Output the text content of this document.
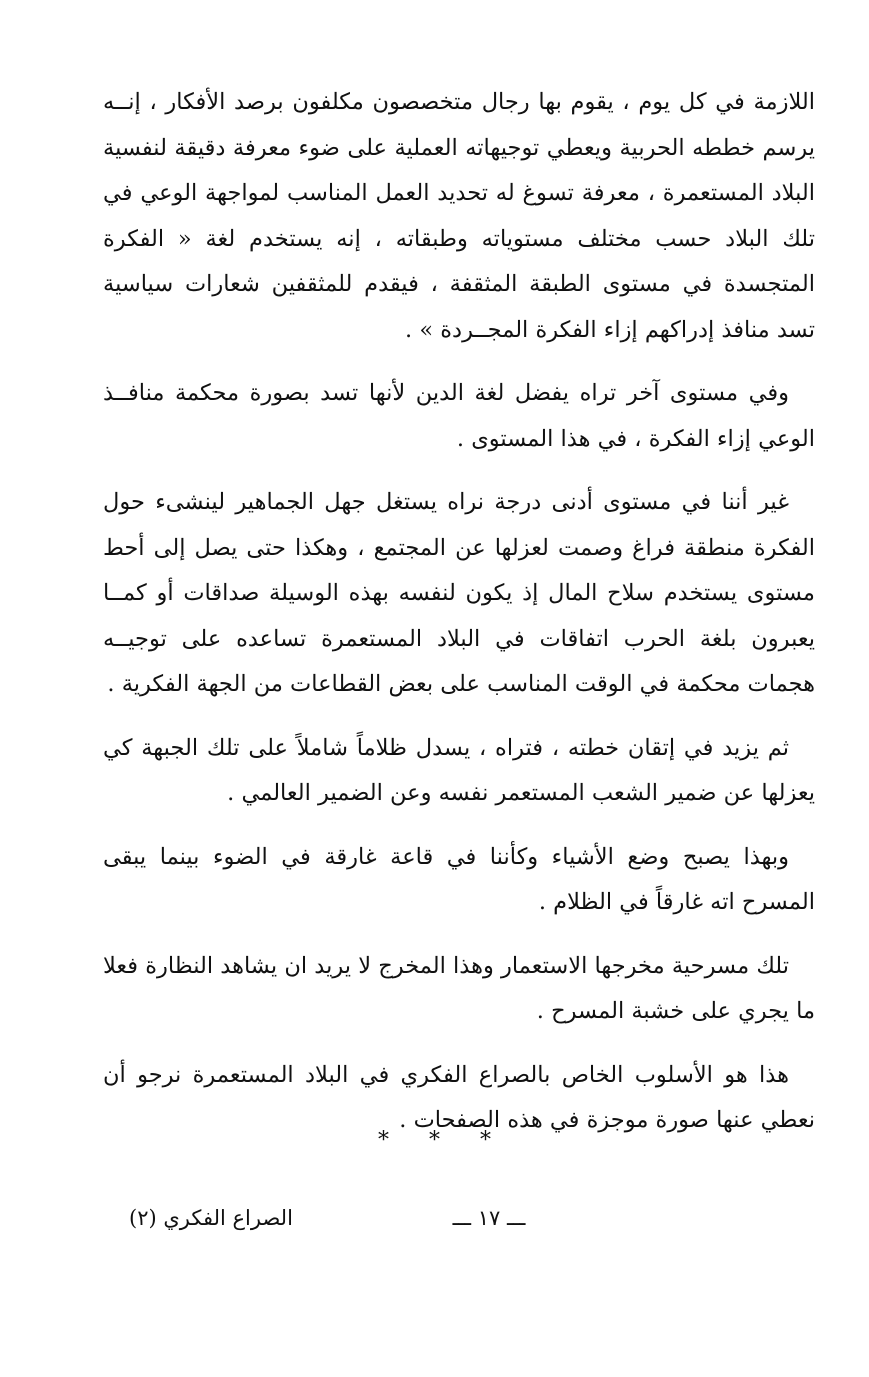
اللازمة في كل يوم ، يقوم بها رجال متخصصون مكلفون برصد الأفكار ، إنــه يرسم خططه الحربية ويعطي توجيهاته العملية على ضوء معرفة دقيقة لنفسية البلاد المستعمرة ، معرفة تسوغ له تحديد العمل المناسب لمواجهة الوعي في تلك البلاد حسب مختلف مستوياته وطبقاته ، إنه يستخدم لغة « الفكرة المتجسدة في مستوى الطبقة المثقفة ، فيقدم للمثقفين شعارات سياسية تسد منافذ إدراكهم إزاء الفكرة المجــردة » .

وفي مستوى آخر تراه يفضل لغة الدين لأنها تسد بصورة محكمة منافــذ الوعي إزاء الفكرة ، في هذا المستوى .

غير أننا في مستوى أدنى درجة نراه يستغل جهل الجماهير لينشىء حول الفكرة منطقة فراغ وصمت لعزلها عن المجتمع ، وهكذا حتى يصل إلى أحط مستوى يستخدم سلاح المال إذ يكون لنفسه بهذه الوسيلة صداقات أو كمــا يعبرون بلغة الحرب اتفاقات في البلاد المستعمرة تساعده على توجيــه هجمات محكمة في الوقت المناسب على بعض القطاعات من الجهة الفكرية .

ثم يزيد في إتقان خطته ، فتراه ، يسدل ظلاماً شاملاً على تلك الجبهة كي يعزلها عن ضمير الشعب المستعمر نفسه وعن الضمير العالمي .

وبهذا يصبح وضع الأشياء وكأننا في قاعة غارقة في الضوء بينما يبقى المسرح اته غارقاً في الظلام .

تلك مسرحية مخرجها الاستعمار وهذا المخرج لا يريد ان يشاهد النظارة فعلا ما يجري على خشبة المسرح .

هذا هو الأسلوب الخاص بالصراع الفكري في البلاد المستعمرة نرجو أن نعطي عنها صورة موجزة في هذه الصفحات .

* * *
ـــ ١٧ ـــ
الصراع الفكري (٢)
